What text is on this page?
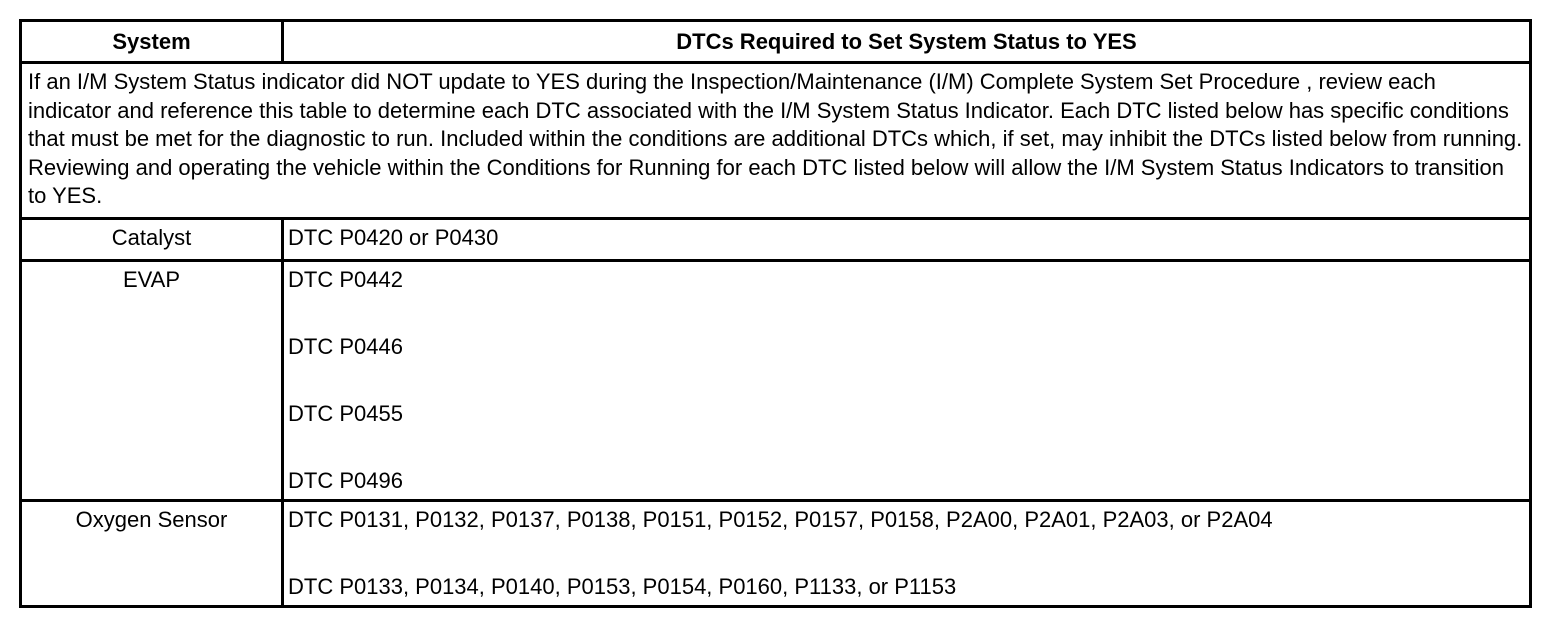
System	DTCs Required to Set System Status to YES
If an I/M System Status indicator did NOT update to YES during the Inspection/Maintenance (I/M) Complete System Set Procedure , review each indicator and reference this table to determine each DTC associated with the I/M System Status Indicator. Each DTC listed below has specific conditions that must be met for the diagnostic to run. Included within the conditions are additional DTCs which, if set, may inhibit the DTCs listed below from running. Reviewing and operating the vehicle within the Conditions for Running for each DTC listed below will allow the I/M System Status Indicators to transition to YES.	
Catalyst	DTC P0420 or P0430

EVAP	DTC P0442
DTC P0446
DTC P0455
DTC P0496

Oxygen Sensor	DTC P0131, P0132, P0137, P0138, P0151, P0152, P0157, P0158, P2A00, P2A01, P2A03, or P2A04
DTC P0133, P0134, P0140, P0153, P0154, P0160, P1133, or P1153
